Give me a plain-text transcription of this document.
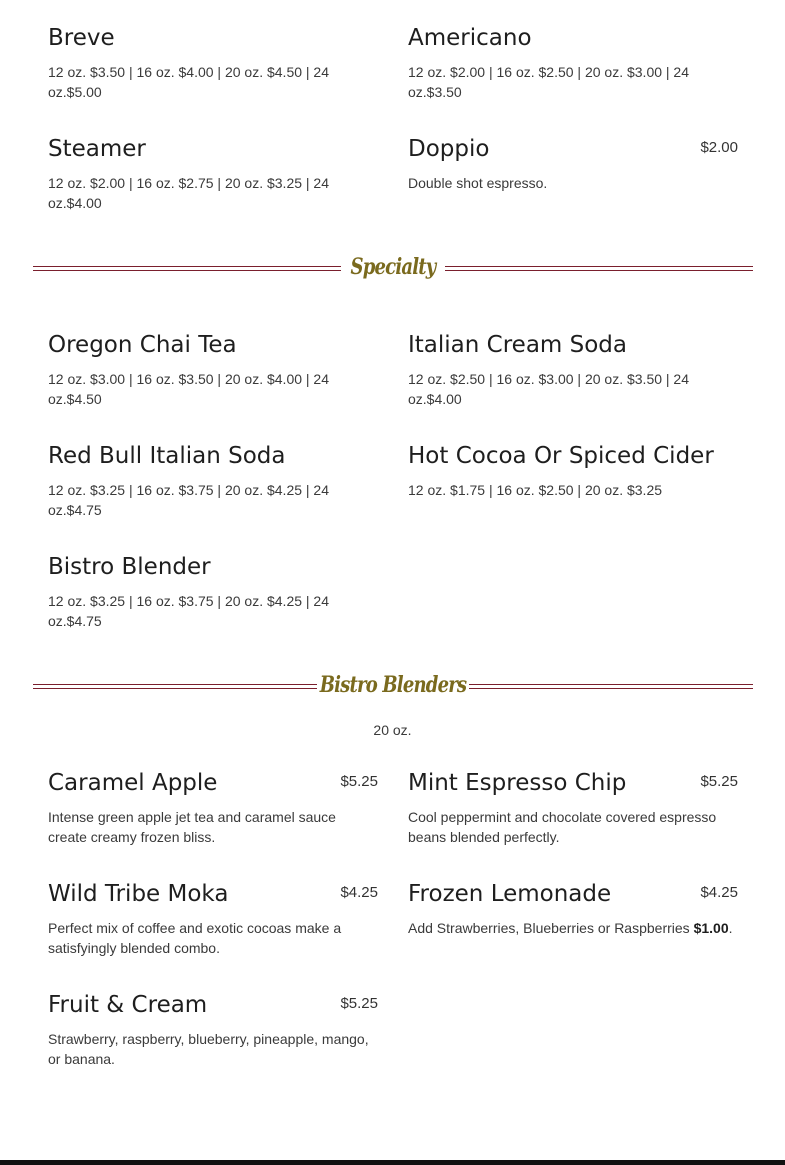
Breve
12 oz. $3.50 | 16 oz. $4.00 | 20 oz. $4.50 | 24 oz.$5.00
Americano
12 oz. $2.00 | 16 oz. $2.50 | 20 oz. $3.00 | 24 oz.$3.50
Steamer
12 oz. $2.00 | 16 oz. $2.75 | 20 oz. $3.25 | 24 oz.$4.00
Doppio	$2.00
Double shot espresso.
Specialty
Oregon Chai Tea
12 oz. $3.00 | 16 oz. $3.50 | 20 oz. $4.00 | 24 oz.$4.50
Italian Cream Soda
12 oz. $2.50 | 16 oz. $3.00 | 20 oz. $3.50 | 24 oz.$4.00
Red Bull Italian Soda
12 oz. $3.25 | 16 oz. $3.75 | 20 oz. $4.25 | 24 oz.$4.75
Hot Cocoa Or Spiced Cider
12 oz. $1.75 | 16 oz. $2.50 | 20 oz. $3.25
Bistro Blender
12 oz. $3.25 | 16 oz. $3.75 | 20 oz. $4.25 | 24 oz.$4.75
Bistro Blenders
20 oz.
Caramel Apple	$5.25
Intense green apple jet tea and caramel sauce create creamy frozen bliss.
Mint Espresso Chip	$5.25
Cool peppermint and chocolate covered espresso beans blended perfectly.
Wild Tribe Moka	$4.25
Perfect mix of coffee and exotic cocoas make a satisfyingly blended combo.
Frozen Lemonade	$4.25
Add Strawberries, Blueberries or Raspberries $1.00.
Fruit & Cream	$5.25
Strawberry, raspberry, blueberry, pineapple, mango, or banana.
